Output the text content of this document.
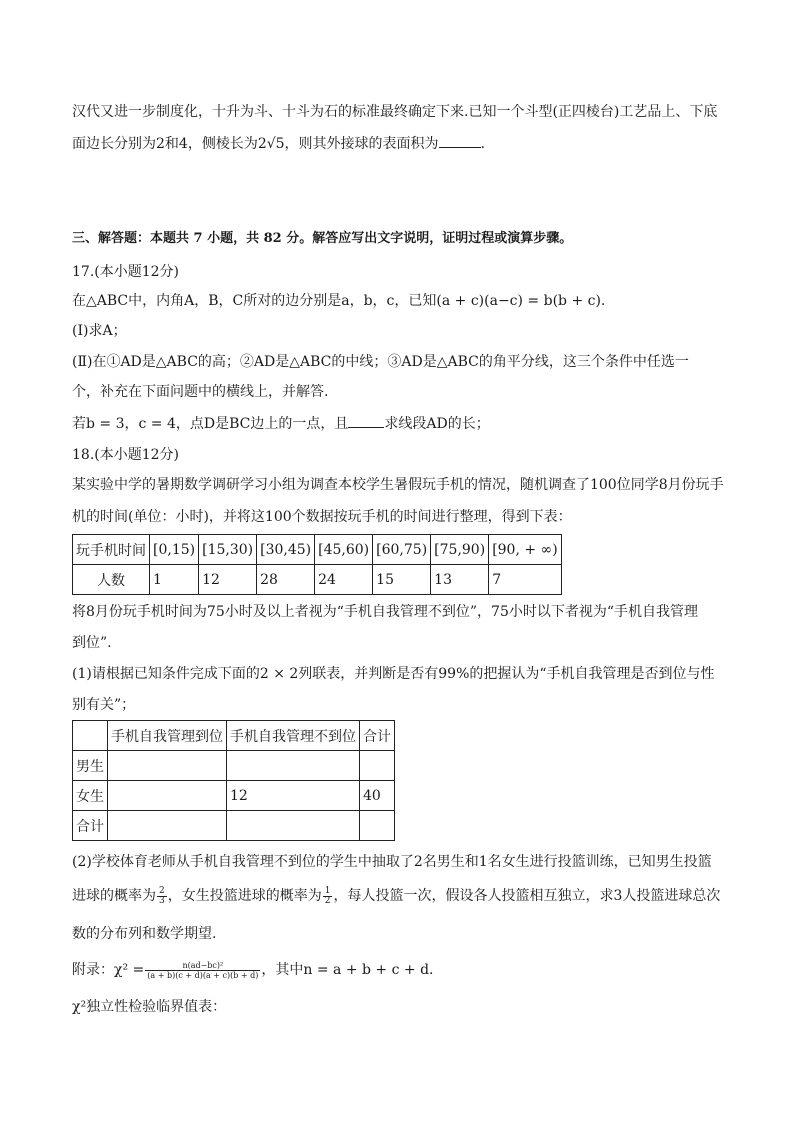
汉代又进一步制度化，十升为斗、十斗为石的标准最终确定下来.已知一个斗型(正四棱台)工艺品上、下底
面边长分别为2和4，侧棱长为2√5，则其外接球的表面积为	.
三、解答题：本题共 7 小题，共 82 分。解答应写出文字说明，证明过程或演算步骤。
17.(本小题12分)
在△ABC中，内角A，B，C所对的边分别是a，b，c，已知(a + c)(a−c) = b(b + c).
(Ⅰ)求A；
(Ⅱ)在①AD是△ABC的高；②AD是△ABC的中线；③AD是△ABC的角平分线，这三个条件中任选一
个，补充在下面问题中的横线上，并解答.
若b = 3，c = 4，点D是BC边上的一点，且	求线段AD的长；
18.(本小题12分)
某实验中学的暑期数学调研学习小组为调查本校学生暑假玩手机的情况，随机调查了100位同学8月份玩手
机的时间(单位：小时)，并将这100个数据按玩手机的时间进行整理，得到下表：
玩手机时间	[0,15)	[15,30)	[30,45)	[45,60)	[60,75)	[75,90)	[90, + ∞)
人数	1	12	28	24	15	13	7
将8月份玩手机时间为75小时及以上者视为“手机自我管理不到位”，75小时以下者视为“手机自我管理
到位”.
(1)请根据已知条件完成下面的2 × 2列联表，并判断是否有99%的把握认为“手机自我管理是否到位与性
别有关”；
	手机自我管理到位	手机自我管理不到位	合计
男生			
女生		12	40
合计			
(2)学校体育老师从手机自我管理不到位的学生中抽取了2名男生和1名女生进行投篮训练，已知男生投篮
进球的概率为 $\frac{2}{3}$ ，女生投篮进球的概率为 $\frac{1}{2}$ ，每人投篮一次，假设各人投篮相互独立，求3人投篮进球总次
数的分布列和数学期望.
附录：$\chi^2 = \frac{\text{n(ad−bc)²}}{(a + b)(c + d)(a + c)(b + d)}$ ，其中n = a + b + c + d.
χ²独立性检验临界值表：
